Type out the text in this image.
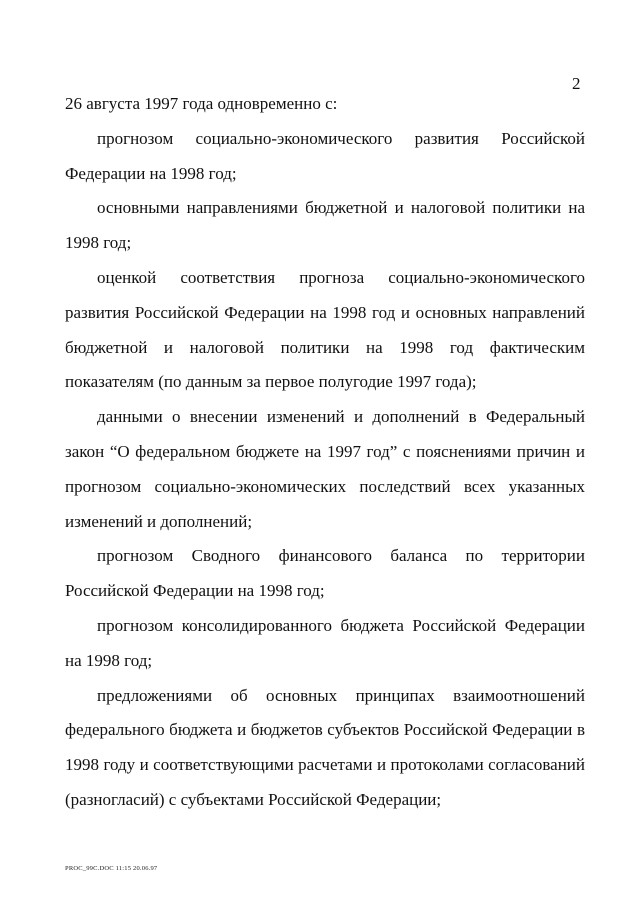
2

26 августа 1997 года одновременно с:

прогнозом социально-экономического развития Российской Федерации на 1998 год;

основными направлениями бюджетной и налоговой политики на 1998 год;

оценкой соответствия прогноза социально-экономического развития Российской Федерации на 1998 год и основных направлений бюджетной и налоговой политики на 1998 год фактическим показателям (по данным за первое полугодие 1997 года);

данными о внесении изменений и дополнений в Федеральный закон “О федеральном бюджете на 1997 год” с пояснениями причин и прогнозом социально-экономических последствий всех указанных изменений и дополнений;

прогнозом Сводного финансового баланса по территории Российской Федерации на 1998 год;

прогнозом консолидированного бюджета Российской Федерации на 1998 год;

предложениями об основных принципах взаимоотношений федерального бюджета и бюджетов субъектов Российской Федерации в 1998 году и соответствующими расчетами и протоколами согласований (разногласий) с субъектами Российской Федерации;

PROC_99C.DOC 11:15 20.06.97
